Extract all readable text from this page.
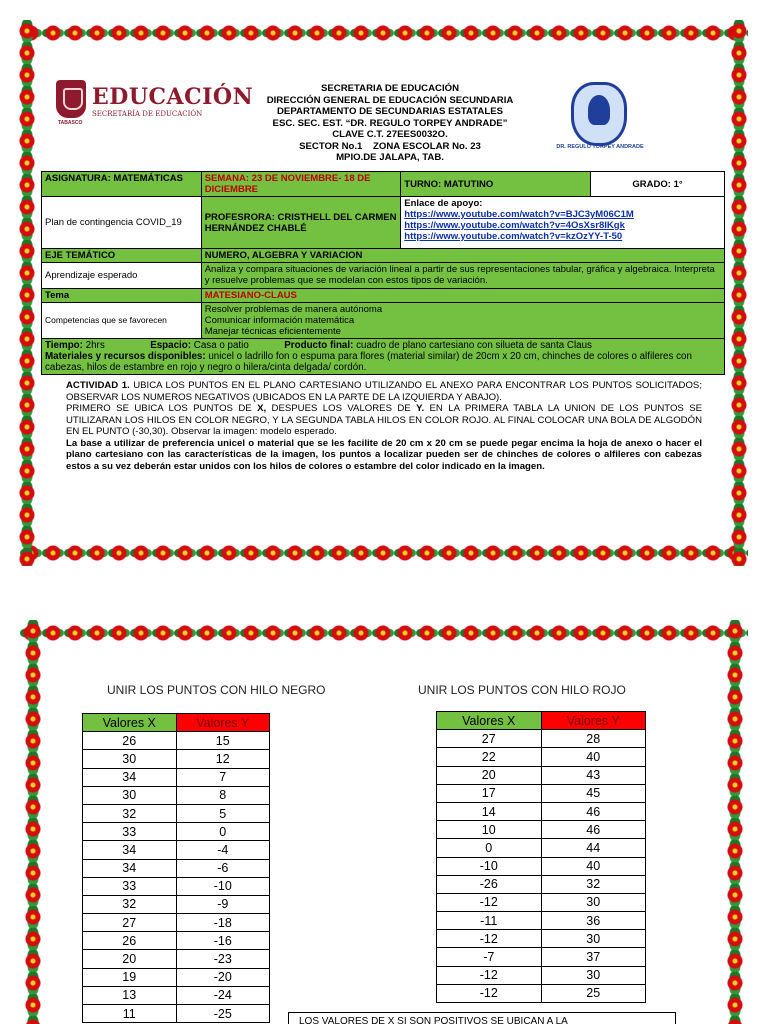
EDUCACIÓN
SECRETARÍA DE EDUCACIÓN
TABASCO
SECRETARIA DE EDUCACIÓN
DIRECCIÓN GENERAL DE EDUCACIÓN SECUNDARIA
DEPARTAMENTO DE SECUNDARIAS ESTATALES
ESC. SEC. EST. “DR. REGULO TORPEY ANDRADE”
CLAVE C.T. 27EES0032O.
SECTOR No.1    ZONA ESCOLAR No. 23
MPIO.DE JALAPA, TAB.
DR. REGULO TORPEY ANDRADE
ASIGNATURA: MATEMÁTICAS	SEMANA: 23 DE NOVIEMBRE- 18 DE DICIEMBRE	TURNO: MATUTINO	GRADO: 1°
Plan de contingencia COVID_19	PROFESRORA: CRISTHELL DEL CARMEN HERNÁNDEZ CHABLÉ	Enlace de apoyo:
https://www.youtube.com/watch?v=BJC3yM06C1M
https://www.youtube.com/watch?v=4OsXsr8IKgk
https://www.youtube.com/watch?v=kzOzYY-T-50	

EJE TEMÁTICO	NUMERO, ALGEBRA Y VARIACION		
Aprendizaje esperado	Analiza y compara situaciones de variación lineal a partir de sus representaciones tabular, gráfica y algebraica. Interpreta y resuelve problemas que se modelan con estos tipos de variación.		
Tema	MATESIANO-CLAUS		
Competencias que se favorecen	Resolver problemas de manera autónoma
Comunicar información matemática
Manejar técnicas eficientemente		

Tiempo: 2hrs Espacio: Casa o patio Producto final: cuadro de plano cartesiano con silueta de santa Claus
Materiales y recursos disponibles: unicel o ladrillo fon o espuma para flores (material similar) de 20cm x 20 cm, chinches de colores o alfileres con cabezas, hilos de estambre en rojo y negro o hilera/cinta delgada/ cordón.			

ACTIVIDAD 1. UBICA LOS PUNTOS EN EL PLANO CARTESIANO UTILIZANDO EL ANEXO PARA ENCONTRAR LOS PUNTOS SOLICITADOS; OBSERVAR LOS NUMEROS NEGATIVOS (UBICADOS EN LA PARTE DE LA IZQUIERDA Y ABAJO).

PRIMERO SE UBICA LOS PUNTOS DE X, DESPUES LOS VALORES DE Y. EN LA PRIMERA TABLA LA UNION DE LOS PUNTOS SE UTILIZARAN LOS HILOS EN COLOR NEGRO, Y LA SEGUNDA TABLA HILOS EN COLOR ROJO. AL FINAL COLOCAR UNA BOLA DE ALGODÓN EN EL PUNTO (-30,30). Observar la imagen: modelo esperado.

La base a utilizar de preferencia unicel o material que se les facilite de 20 cm x 20 cm se puede pegar encima la hoja de anexo o hacer el plano cartesiano con las características de la imagen, los puntos a localizar pueden ser de chinches de colores o alfileres con cabezas estos a su vez deberán estar unidos con los hilos de colores o estambre del color indicado en la imagen.

UNIR LOS PUNTOS CON HILO NEGRO
Valores X	Valores Y
26	15
30	12
34	7
30	8
32	5
33	0
34	-4
34	-6
33	-10
32	-9
27	-18
26	-16
20	-23
19	-20
13	-24
11	-25
UNIR LOS PUNTOS CON HILO ROJO
Valores X	Valores Y
27	28
22	40
20	43
17	45
14	46
10	46
0	44
-10	40
-26	32
-12	30
-11	36
-12	30
-7	37
-12	30
-12	25
LOS VALORES DE X SI SON POSITIVOS SE UBICAN A LA
